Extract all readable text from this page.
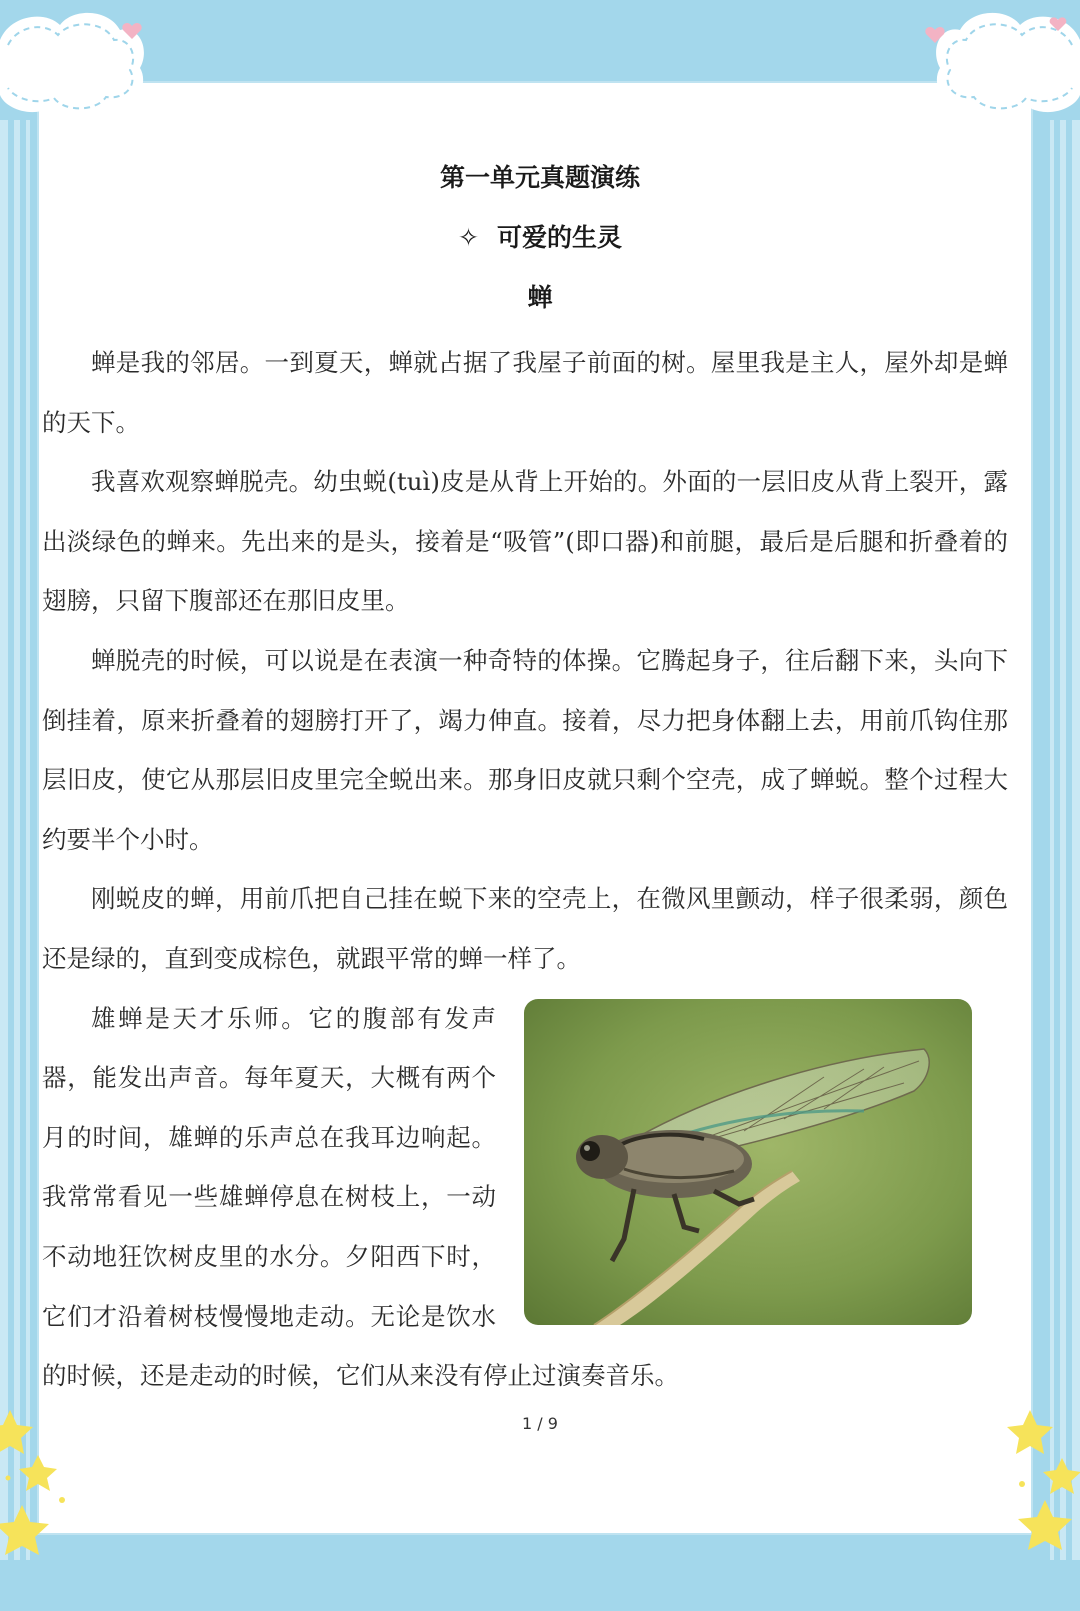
第一单元真题演练
✧ 可爱的生灵
蝉

蝉是我的邻居。一到夏天，蝉就占据了我屋子前面的树。屋里我是主人，屋外却是蝉的天下。

我喜欢观察蝉脱壳。幼虫蜕(tuì)皮是从背上开始的。外面的一层旧皮从背上裂开，露出淡绿色的蝉来。先出来的是头，接着是“吸管”(即口器)和前腿，最后是后腿和折叠着的翅膀，只留下腹部还在那旧皮里。

蝉脱壳的时候，可以说是在表演一种奇特的体操。它腾起身子，往后翻下来，头向下倒挂着，原来折叠着的翅膀打开了，竭力伸直。接着，尽力把身体翻上去，用前爪钩住那层旧皮，使它从那层旧皮里完全蜕出来。那身旧皮就只剩个空壳，成了蝉蜕。整个过程大约要半个小时。

刚蜕皮的蝉，用前爪把自己挂在蜕下来的空壳上，在微风里颤动，样子很柔弱，颜色还是绿的，直到变成棕色，就跟平常的蝉一样了。

雄蝉是天才乐师。它的腹部有发声器，能发出声音。每年夏天，大概有两个月的时间，雄蝉的乐声总在我耳边响起。我常常看见一些雄蝉停息在树枝上，一动不动地狂饮树皮里的水分。夕阳西下时，它们才沿着树枝慢慢地走动。无论是饮水的时候，还是走动的时候，它们从来没有停止过演奏音乐。

1 / 9
